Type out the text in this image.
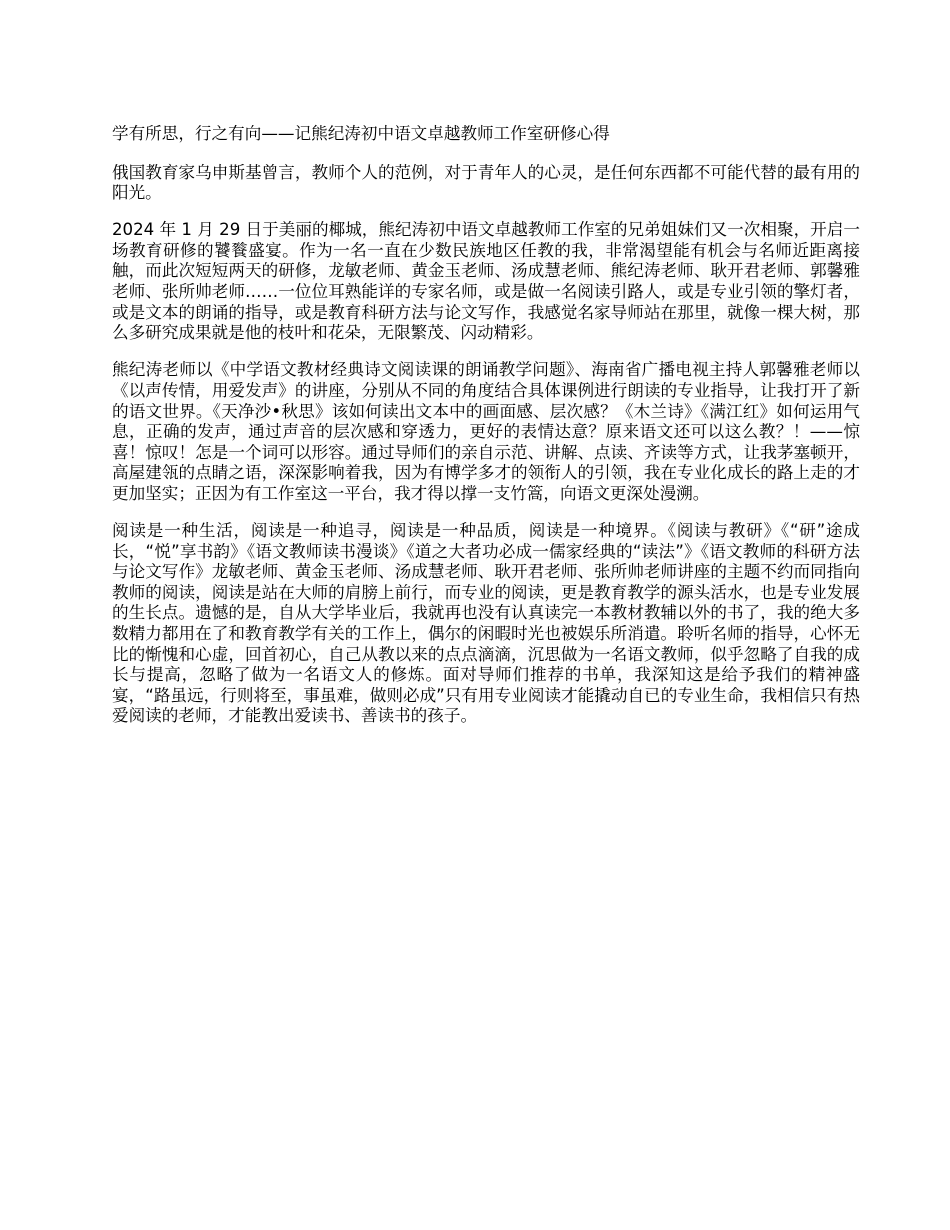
学有所思，行之有向——记熊纪涛初中语文卓越教师工作室研修心得

俄国教育家乌申斯基曾言，教师个人的范例，对于青年人的心灵，是任何东西都不可能代替的最有用的阳光。

2024 年 1 月 29 日于美丽的椰城，熊纪涛初中语文卓越教师工作室的兄弟姐妹们又一次相聚，开启一场教育研修的饕餮盛宴。作为一名一直在少数民族地区任教的我，非常渴望能有机会与名师近距离接触，而此次短短两天的研修，龙敏老师、黄金玉老师、汤成慧老师、熊纪涛老师、耿开君老师、郭馨雅老师、张所帅老师……一位位耳熟能详的专家名师，或是做一名阅读引路人，或是专业引领的擎灯者，或是文本的朗诵的指导，或是教育科研方法与论文写作，我感觉名家导师站在那里，就像一棵大树，那么多研究成果就是他的枝叶和花朵，无限繁茂、闪动精彩。

熊纪涛老师以《中学语文教材经典诗文阅读课的朗诵教学问题》、海南省广播电视主持人郭馨雅老师以《以声传情，用爱发声》的讲座，分别从不同的角度结合具体课例进行朗读的专业指导，让我打开了新的语文世界。《天净沙•秋思》该如何读出文本中的画面感、层次感？《木兰诗》《满江红》如何运用气息，正确的发声，通过声音的层次感和穿透力，更好的表情达意？原来语文还可以这么教？！——惊喜！惊叹！怎是一个词可以形容。通过导师们的亲自示范、讲解、点读、齐读等方式，让我茅塞顿开，高屋建瓴的点睛之语，深深影响着我，因为有博学多才的领衔人的引领，我在专业化成长的路上走的才更加坚实；正因为有工作室这一平台，我才得以撑一支竹篙，向语文更深处漫溯。

阅读是一种生活，阅读是一种追寻，阅读是一种品质，阅读是一种境界。《阅读与教研》《“研”途成长，“悦”享书韵》《语文教师读书漫谈》《道之大者功必成一儒家经典的“读法”》《语文教师的科研方法与论文写作》龙敏老师、黄金玉老师、汤成慧老师、耿开君老师、张所帅老师讲座的主题不约而同指向教师的阅读，阅读是站在大师的肩膀上前行，而专业的阅读，更是教育教学的源头活水，也是专业发展的生长点。遗憾的是，自从大学毕业后，我就再也没有认真读完一本教材教辅以外的书了，我的绝大多数精力都用在了和教育教学有关的工作上，偶尔的闲暇时光也被娱乐所消遣。聆听名师的指导，心怀无比的惭愧和心虚，回首初心，自己从教以来的点点滴滴，沉思做为一名语文教师，似乎忽略了自我的成长与提高，忽略了做为一名语文人的修炼。面对导师们推荐的书单，我深知这是给予我们的精神盛宴，“路虽远，行则将至，事虽难，做则必成”只有用专业阅读才能撬动自已的专业生命，我相信只有热爱阅读的老师，才能教出爱读书、善读书的孩子。
